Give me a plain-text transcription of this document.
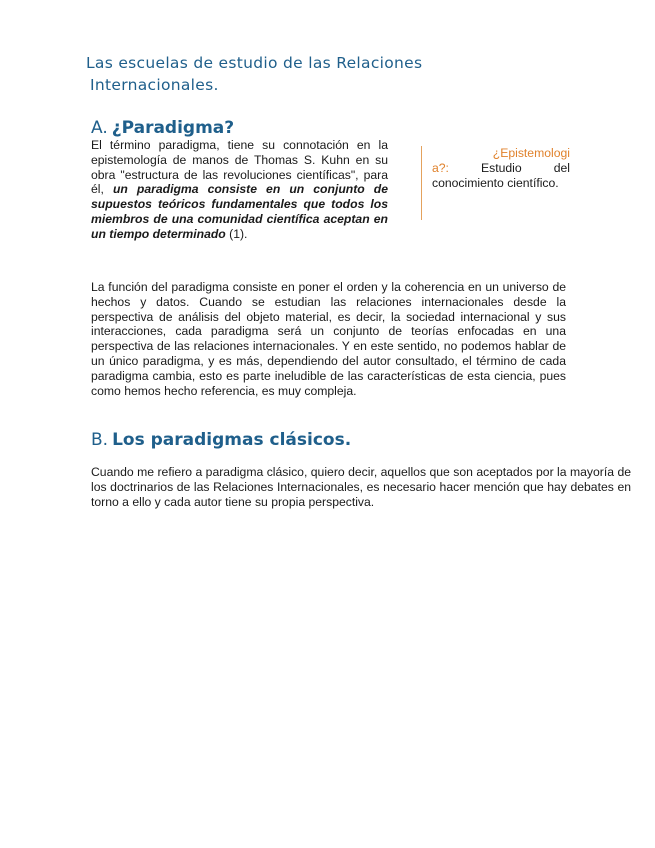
Las escuelas de estudio de las Relaciones
Internacionales.
A. ¿Paradigma?
El término paradigma, tiene su connotación en la epistemología de manos de Thomas S. Kuhn en su obra "estructura de las revoluciones científicas", para él, un paradigma consiste en un conjunto de supuestos teóricos fundamentales que todos los miembros de una comunidad científica aceptan en un tiempo determinado (1).
¿Epistemologi
a?: Estudio del conocimiento científico.
La función del paradigma consiste en poner el orden y la coherencia en un universo de hechos y datos. Cuando se estudian las relaciones internacionales desde la perspectiva de análisis del objeto material, es decir, la sociedad internacional y sus interacciones, cada paradigma será un conjunto de teorías enfocadas en una perspectiva de las relaciones internacionales. Y en este sentido, no podemos hablar de un único paradigma, y es más, dependiendo del autor consultado, el término de cada paradigma cambia, esto es parte ineludible de las características de esta ciencia, pues como hemos hecho referencia, es muy compleja.
B. Los paradigmas clásicos.
Cuando me refiero a paradigma clásico, quiero decir, aquellos que son aceptados por la mayoría de los doctrinarios de las Relaciones Internacionales, es necesario hacer mención que hay debates en torno a ello y cada autor tiene su propia perspectiva.
